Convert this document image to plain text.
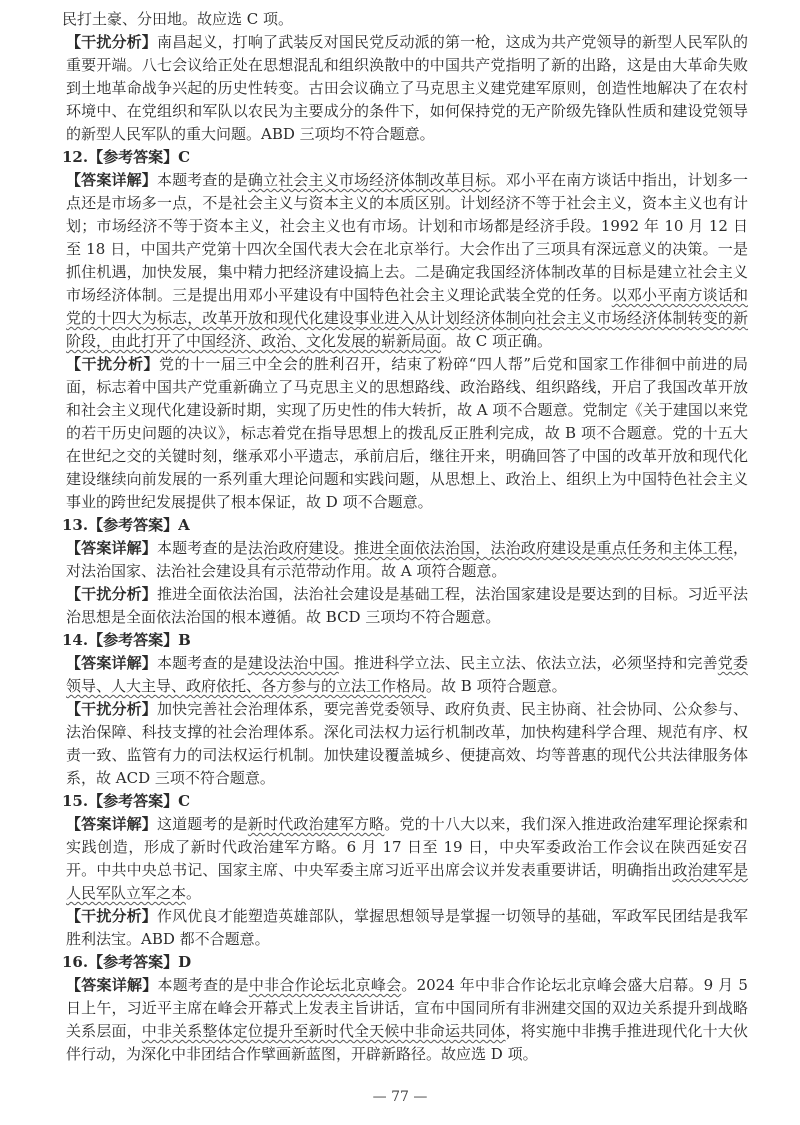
民打土豪、分田地。故应选 C 项。

【干扰分析】南昌起义，打响了武装反对国民党反动派的第一枪，这成为共产党领导的新型人民军队的重要开端。八七会议给正处在思想混乱和组织涣散中的中国共产党指明了新的出路，这是由大革命失败到土地革命战争兴起的历史性转变。古田会议确立了马克思主义建党建军原则，创造性地解决了在农村环境中、在党组织和军队以农民为主要成分的条件下，如何保持党的无产阶级先锋队性质和建设党领导的新型人民军队的重大问题。ABD 三项均不符合题意。

12.【参考答案】C

【答案详解】本题考查的是确立社会主义市场经济体制改革目标。邓小平在南方谈话中指出，计划多一点还是市场多一点，不是社会主义与资本主义的本质区别。计划经济不等于社会主义，资本主义也有计划；市场经济不等于资本主义，社会主义也有市场。计划和市场都是经济手段。1992 年 10 月 12 日至 18 日，中国共产党第十四次全国代表大会在北京举行。大会作出了三项具有深远意义的决策。一是抓住机遇，加快发展，集中精力把经济建设搞上去。二是确定我国经济体制改革的目标是建立社会主义市场经济体制。三是提出用邓小平建设有中国特色社会主义理论武装全党的任务。以邓小平南方谈话和党的十四大为标志，改革开放和现代化建设事业进入从计划经济体制向社会主义市场经济体制转变的新阶段，由此打开了中国经济、政治、文化发展的崭新局面。故 C 项正确。

【干扰分析】党的十一届三中全会的胜利召开，结束了粉碎“四人帮”后党和国家工作徘徊中前进的局面，标志着中国共产党重新确立了马克思主义的思想路线、政治路线、组织路线，开启了我国改革开放和社会主义现代化建设新时期，实现了历史性的伟大转折，故 A 项不合题意。党制定《关于建国以来党的若干历史问题的决议》，标志着党在指导思想上的拨乱反正胜利完成，故 B 项不合题意。党的十五大在世纪之交的关键时刻，继承邓小平遗志，承前启后，继往开来，明确回答了中国的改革开放和现代化建设继续向前发展的一系列重大理论问题和实践问题，从思想上、政治上、组织上为中国特色社会主义事业的跨世纪发展提供了根本保证，故 D 项不合题意。

13.【参考答案】A

【答案详解】本题考查的是法治政府建设。推进全面依法治国，法治政府建设是重点任务和主体工程，对法治国家、法治社会建设具有示范带动作用。故 A 项符合题意。

【干扰分析】推进全面依法治国，法治社会建设是基础工程，法治国家建设是要达到的目标。习近平法治思想是全面依法治国的根本遵循。故 BCD 三项均不符合题意。

14.【参考答案】B

【答案详解】本题考查的是建设法治中国。推进科学立法、民主立法、依法立法，必须坚持和完善党委领导、人大主导、政府依托、各方参与的立法工作格局。故 B 项符合题意。

【干扰分析】加快完善社会治理体系，要完善党委领导、政府负责、民主协商、社会协同、公众参与、法治保障、科技支撑的社会治理体系。深化司法权力运行机制改革，加快构建科学合理、规范有序、权责一致、监管有力的司法权运行机制。加快建设覆盖城乡、便捷高效、均等普惠的现代公共法律服务体系，故 ACD 三项不符合题意。

15.【参考答案】C

【答案详解】这道题考的是新时代政治建军方略。党的十八大以来，我们深入推进政治建军理论探索和实践创造，形成了新时代政治建军方略。6 月 17 日至 19 日，中央军委政治工作会议在陕西延安召开。中共中央总书记、国家主席、中央军委主席习近平出席会议并发表重要讲话，明确指出政治建军是人民军队立军之本。

【干扰分析】作风优良才能塑造英雄部队，掌握思想领导是掌握一切领导的基础，军政军民团结是我军胜利法宝。ABD 都不合题意。

16.【参考答案】D

【答案详解】本题考查的是中非合作论坛北京峰会。2024 年中非合作论坛北京峰会盛大启幕。9 月 5 日上午，习近平主席在峰会开幕式上发表主旨讲话，宣布中国同所有非洲建交国的双边关系提升到战略关系层面，中非关系整体定位提升至新时代全天候中非命运共同体，将实施中非携手推进现代化十大伙伴行动，为深化中非团结合作擘画新蓝图，开辟新路径。故应选 D 项。

— 77 —
